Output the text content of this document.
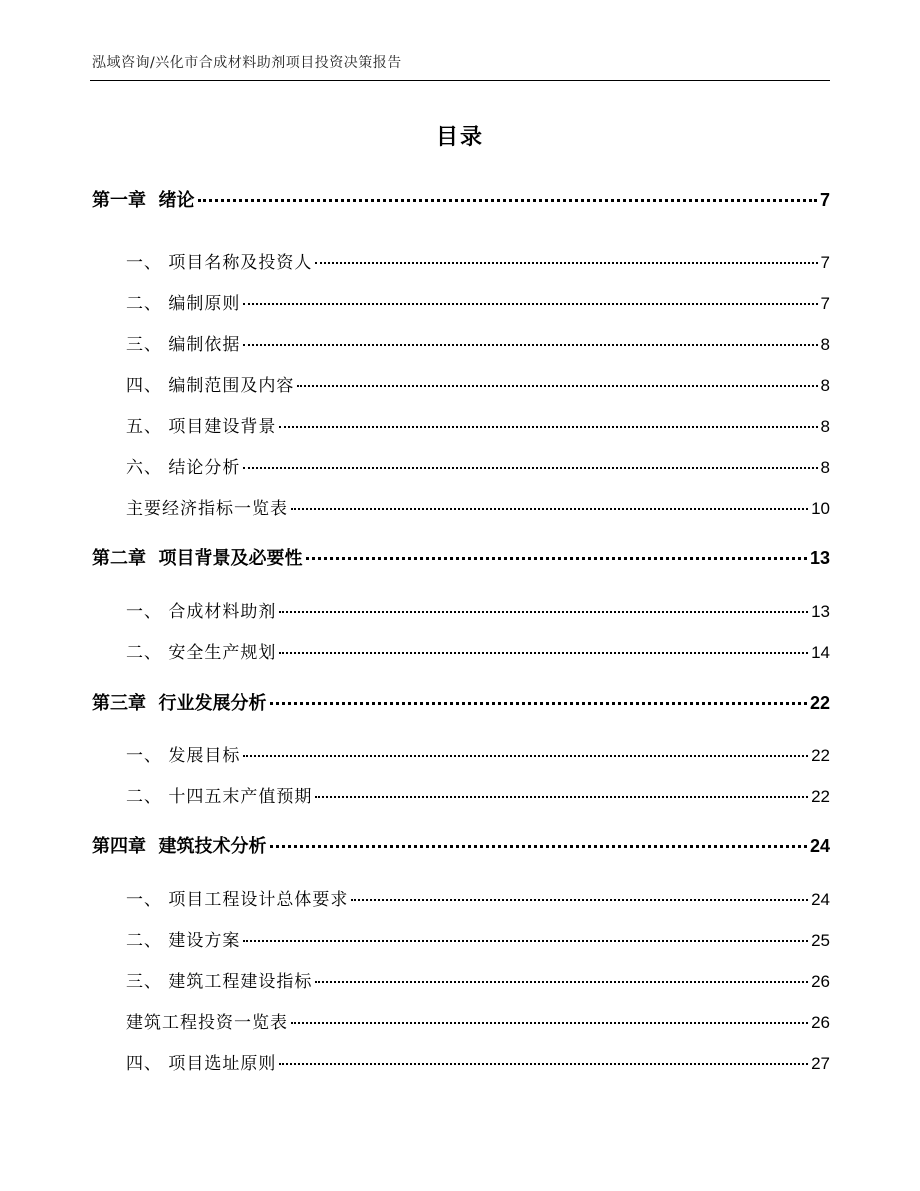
泓域咨询/兴化市合成材料助剂项目投资决策报告
目录
第一章  绪论	7
一、 项目名称及投资人	7
二、 编制原则	7
三、 编制依据	8
四、 编制范围及内容	8
五、 项目建设背景	8
六、 结论分析	8
主要经济指标一览表	10
第二章  项目背景及必要性	13
一、 合成材料助剂	13
二、 安全生产规划	14
第三章  行业发展分析	22
一、 发展目标	22
二、 十四五末产值预期	22
第四章  建筑技术分析	24
一、 项目工程设计总体要求	24
二、 建设方案	25
三、 建筑工程建设指标	26
建筑工程投资一览表	26
四、 项目选址原则	27
